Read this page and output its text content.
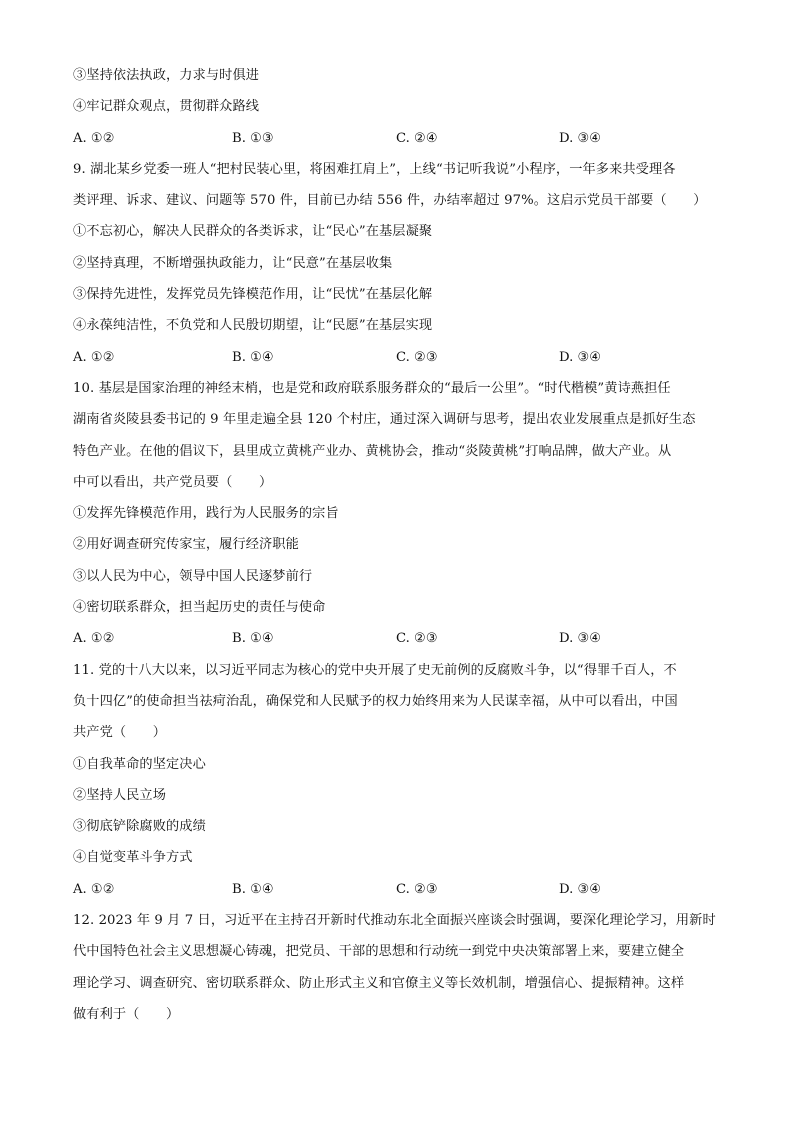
③坚持依法执政，力求与时俱进
④牢记群众观点，贯彻群众路线
A. ①②	B. ①③	C. ②④	D. ③④
9. 湖北某乡党委一班人“把村民装心里，将困难扛肩上”，上线“书记听我说”小程序，一年多来共受理各
类评理、诉求、建议、问题等 570 件，目前已办结 556 件，办结率超过 97%。这启示党员干部要（　　）
①不忘初心，解决人民群众的各类诉求，让“民心”在基层凝聚
②坚持真理，不断增强执政能力，让“民意”在基层收集
③保持先进性，发挥党员先锋模范作用，让“民忧”在基层化解
④永葆纯洁性，不负党和人民殷切期望，让“民愿”在基层实现
A. ①②	B. ①④	C. ②③	D. ③④
10. 基层是国家治理的神经末梢，也是党和政府联系服务群众的“最后一公里”。“时代楷模”黄诗燕担任
湖南省炎陵县委书记的 9 年里走遍全县 120 个村庄，通过深入调研与思考，提出农业发展重点是抓好生态
特色产业。在他的倡议下，县里成立黄桃产业办、黄桃协会，推动“炎陵黄桃”打响品牌，做大产业。从
中可以看出，共产党员要（　　）
①发挥先锋模范作用，践行为人民服务的宗旨
②用好调查研究传家宝，履行经济职能
③以人民为中心，领导中国人民逐梦前行
④密切联系群众，担当起历史的责任与使命
A. ①②	B. ①④	C. ②③	D. ③④
11. 党的十八大以来，以习近平同志为核心的党中央开展了史无前例的反腐败斗争，以“得罪千百人，不
负十四亿”的使命担当祛疴治乱，确保党和人民赋予的权力始终用来为人民谋幸福，从中可以看出，中国
共产党（　　）
①自我革命的坚定决心
②坚持人民立场
③彻底铲除腐败的成绩
④自觉变革斗争方式
A. ①②	B. ①④	C. ②③	D. ③④
12. 2023 年 9 月 7 日，习近平在主持召开新时代推动东北全面振兴座谈会时强调，要深化理论学习，用新时
代中国特色社会主义思想凝心铸魂，把党员、干部的思想和行动统一到党中央决策部署上来，要建立健全
理论学习、调查研究、密切联系群众、防止形式主义和官僚主义等长效机制，增强信心、提振精神。这样
做有利于（　　）
